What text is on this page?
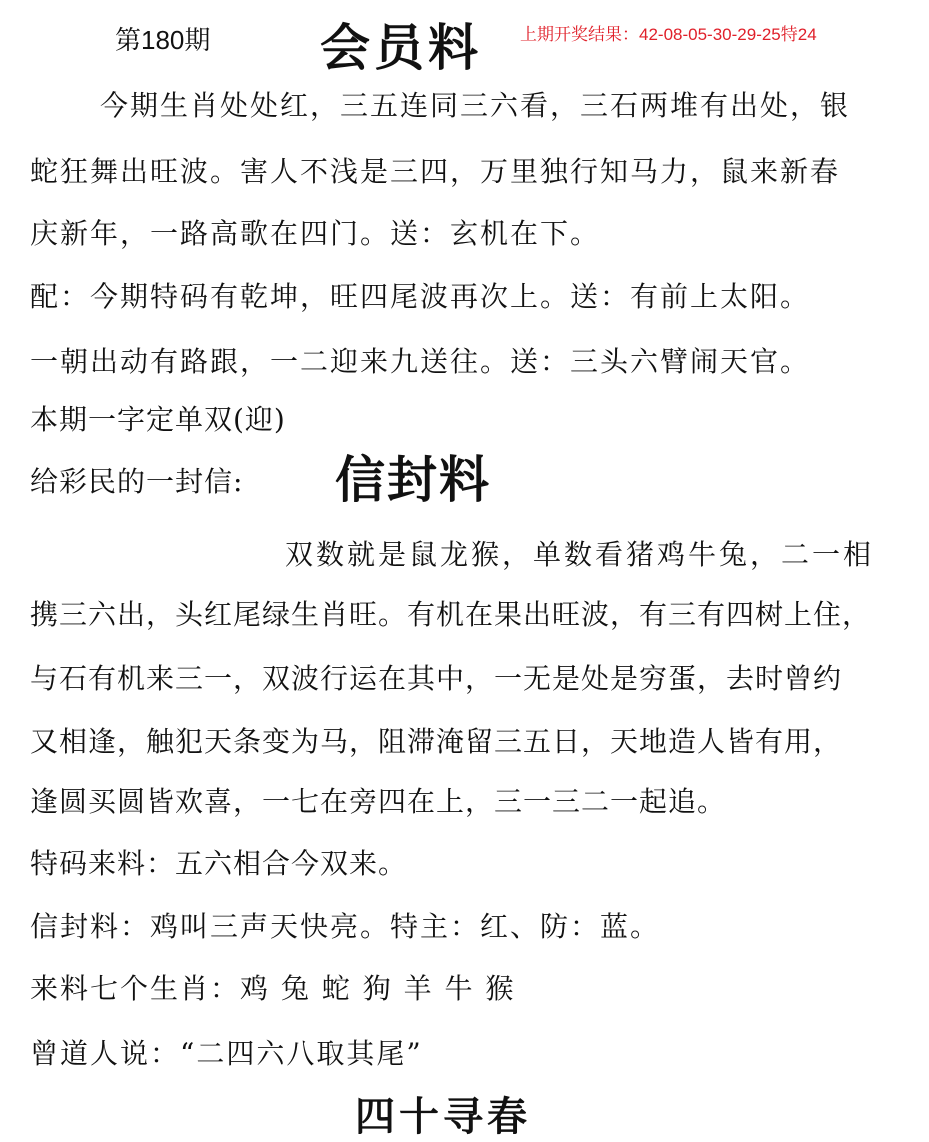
第180期 会员料 上期开奖结果：42-08-05-30-29-25特24
今期生肖处处红，三五连同三六看，三石两堆有出处，银
蛇狂舞出旺波。害人不浅是三四，万里独行知马力，鼠来新春
庆新年，一路高歌在四门。送：玄机在下。
配：今期特码有乾坤，旺四尾波再次上。送：有前上太阳。
一朝出动有路跟，一二迎来九送往。送：三头六臂闹天官。
本期一字定单双(迎)
给彩民的一封信: 信封料
双数就是鼠龙猴，单数看猪鸡牛兔，二一相
携三六出，头红尾绿生肖旺。有机在果出旺波，有三有四树上住，
与石有机来三一，双波行运在其中，一无是处是穷蛋，去时曾约
又相逢，触犯天条变为马，阻滞淹留三五日，天地造人皆有用，
逢圆买圆皆欢喜，一七在旁四在上，三一三二一起追。
特码来料：五六相合今双来。
信封料：鸡叫三声天快亮。特主：红、防：蓝。
来料七个生肖：鸡 兔 蛇 狗 羊 牛 猴
曾道人说：“二四六八取其尾”
四十寻春
